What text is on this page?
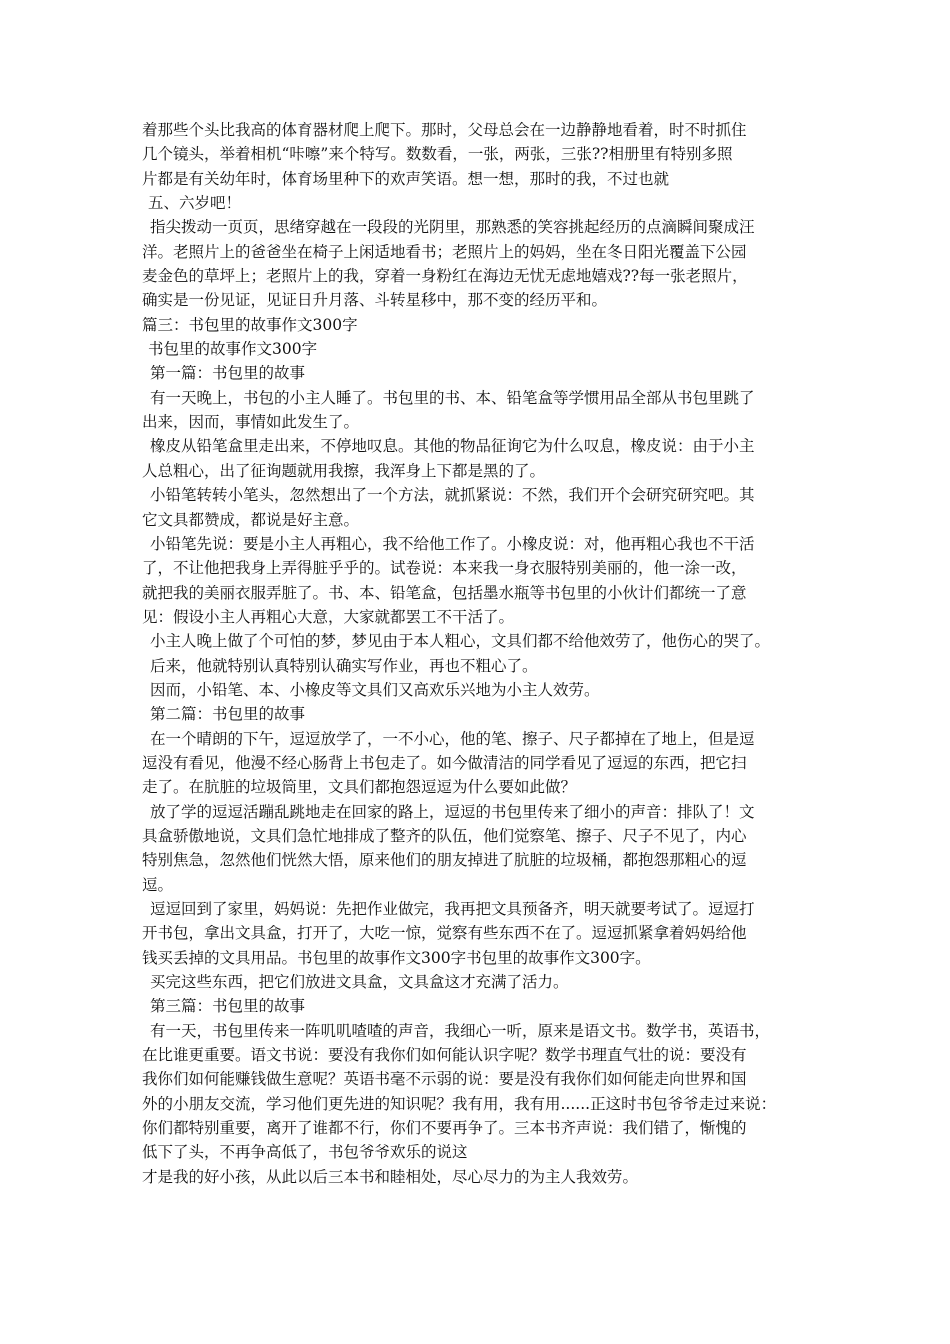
着那些个头比我高的体育器材爬上爬下。那时，父母总会在一边静静地看着，时不时抓住
几个镜头，举着相机“咔嚓”来个特写。数数看，一张，两张，三张??相册里有特别多照
片都是有关幼年时，体育场里种下的欢声笑语。想一想，那时的我，不过也就
五、六岁吧！
指尖拨动一页页，思绪穿越在一段段的光阴里，那熟悉的笑容挑起经历的点滴瞬间聚成汪
洋。老照片上的爸爸坐在椅子上闲适地看书；老照片上的妈妈，坐在冬日阳光覆盖下公园
麦金色的草坪上；老照片上的我，穿着一身粉红在海边无忧无虑地嬉戏??每一张老照片，
确实是一份见证，见证日升月落、斗转星移中，那不变的经历平和。
篇三：书包里的故事作文300字
书包里的故事作文300字
第一篇：书包里的故事
有一天晚上，书包的小主人睡了。书包里的书、本、铅笔盒等学惯用品全部从书包里跳了
出来，因而，事情如此发生了。
橡皮从铅笔盒里走出来，不停地叹息。其他的物品征询它为什么叹息，橡皮说：由于小主
人总粗心，出了征询题就用我擦，我浑身上下都是黑的了。
小铅笔转转小笔头，忽然想出了一个方法，就抓紧说：不然，我们开个会研究研究吧。其
它文具都赞成，都说是好主意。
小铅笔先说：要是小主人再粗心，我不给他工作了。小橡皮说：对，他再粗心我也不干活
了，不让他把我身上弄得脏乎乎的。试卷说：本来我一身衣服特别美丽的，他一涂一改，
就把我的美丽衣服弄脏了。书、本、铅笔盒，包括墨水瓶等书包里的小伙计们都统一了意
见：假设小主人再粗心大意，大家就都罢工不干活了。
小主人晚上做了个可怕的梦，梦见由于本人粗心，文具们都不给他效劳了，他伤心的哭了。
后来，他就特别认真特别认确实写作业，再也不粗心了。
因而，小铅笔、本、小橡皮等文具们又高欢乐兴地为小主人效劳。
第二篇：书包里的故事
在一个晴朗的下午，逗逗放学了，一不小心，他的笔、擦子、尺子都掉在了地上，但是逗
逗没有看见，他漫不经心肠背上书包走了。如今做清洁的同学看见了逗逗的东西，把它扫
走了。在肮脏的垃圾筒里，文具们都抱怨逗逗为什么要如此做？
放了学的逗逗活蹦乱跳地走在回家的路上，逗逗的书包里传来了细小的声音：排队了！文
具盒骄傲地说，文具们急忙地排成了整齐的队伍，他们觉察笔、擦子、尺子不见了，内心
特别焦急，忽然他们恍然大悟，原来他们的朋友掉进了肮脏的垃圾桶，都抱怨那粗心的逗
逗。
逗逗回到了家里，妈妈说：先把作业做完，我再把文具预备齐，明天就要考试了。逗逗打
开书包，拿出文具盒，打开了，大吃一惊，觉察有些东西不在了。逗逗抓紧拿着妈妈给他
钱买丢掉的文具用品。书包里的故事作文300字书包里的故事作文300字。
买完这些东西，把它们放进文具盒，文具盒这才充满了活力。
第三篇：书包里的故事
有一天，书包里传来一阵叽叽喳喳的声音，我细心一听，原来是语文书。数学书，英语书，
在比谁更重要。语文书说：要没有我你们如何能认识字呢？数学书理直气壮的说：要没有
我你们如何能赚钱做生意呢？英语书毫不示弱的说：要是没有我你们如何能走向世界和国
外的小朋友交流，学习他们更先进的知识呢？我有用，我有用......正这时书包爷爷走过来说：
你们都特别重要，离开了谁都不行，你们不要再争了。三本书齐声说：我们错了，惭愧的
低下了头，不再争高低了，书包爷爷欢乐的说这
才是我的好小孩，从此以后三本书和睦相处，尽心尽力的为主人我效劳。
